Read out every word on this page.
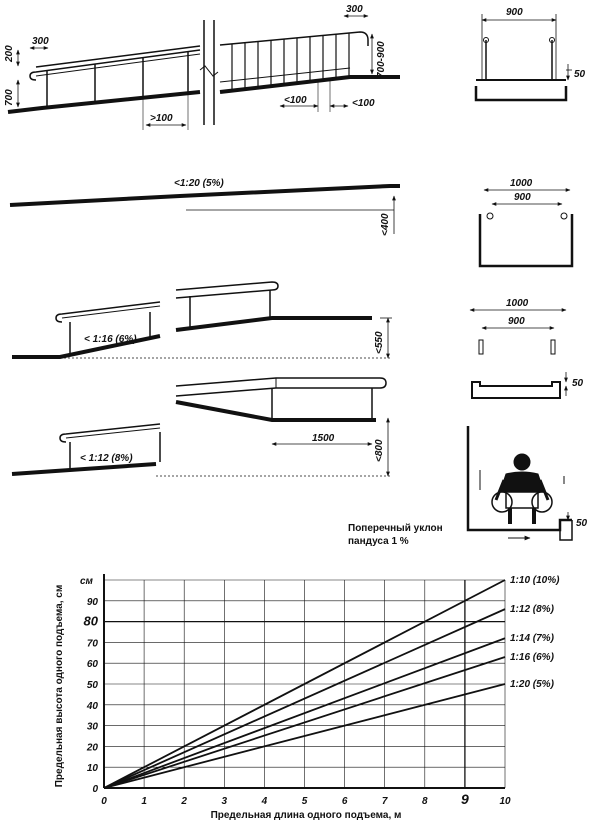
200
300
700
>100
<100	<100
300
700-900
<1:20 (5%)
<400
< 1:16 (6%)	<550
< 1:12 (8%)
1500
<800
900
50
1000
900
1000
900
50
50
0	1	2	3	4	5	6	7	8 9	10
0
10
20
30
40
50
60
70
80
90
1:10 (10%)
1:12 (8%)
1:14 (7%)
1:16 (6%)
1:20 (5%)
см
Предельная длина одного подъема, м
Предельная высота одного подъема, см
Поперечный уклон
пандуса 1 %
